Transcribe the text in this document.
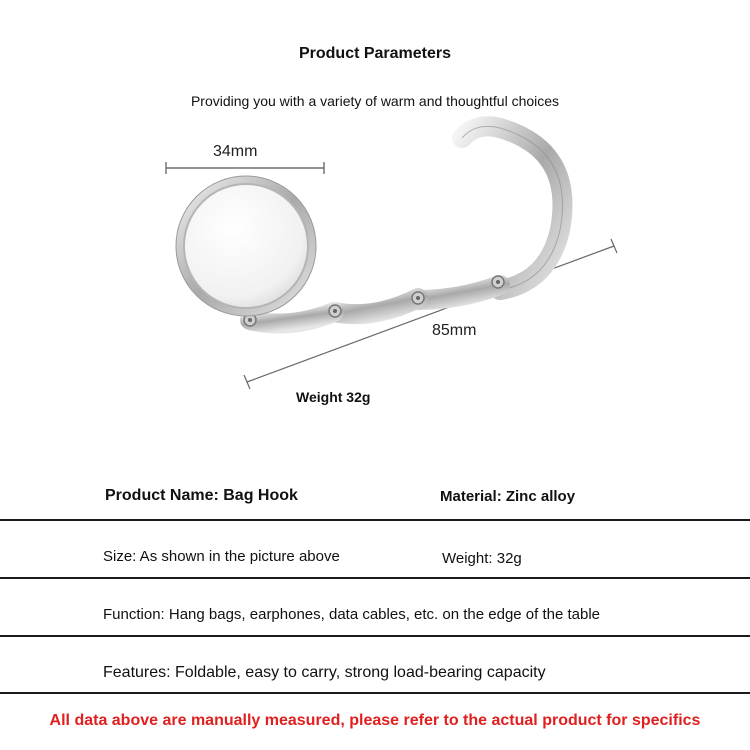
Product Parameters
Providing you with a variety of warm and thoughtful choices
34mm
85mm
Weight 32g
Product Name: Bag Hook	Material: Zinc alloy
Size: As shown in the picture above	Weight: 32g
Function: Hang bags, earphones, data cables, etc. on the edge of the table
Features: Foldable, easy to carry, strong load-bearing capacity
All data above are manually measured, please refer to the actual product for specifics
